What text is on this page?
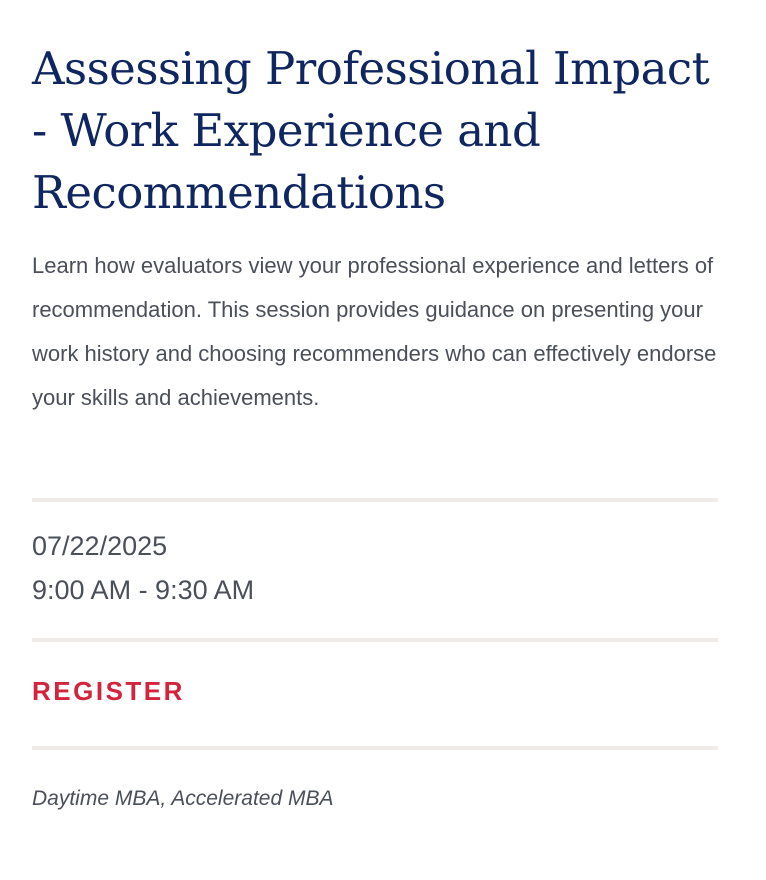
Assessing Professional Impact - Work Experience and Recommendations

Learn how evaluators view your professional experience and letters of recommendation. This session provides guidance on presenting your work history and choosing recommenders who can effectively endorse your skills and achievements.

07/22/2025
9:00 AM - 9:30 AM
REGISTER
Daytime MBA, Accelerated MBA
